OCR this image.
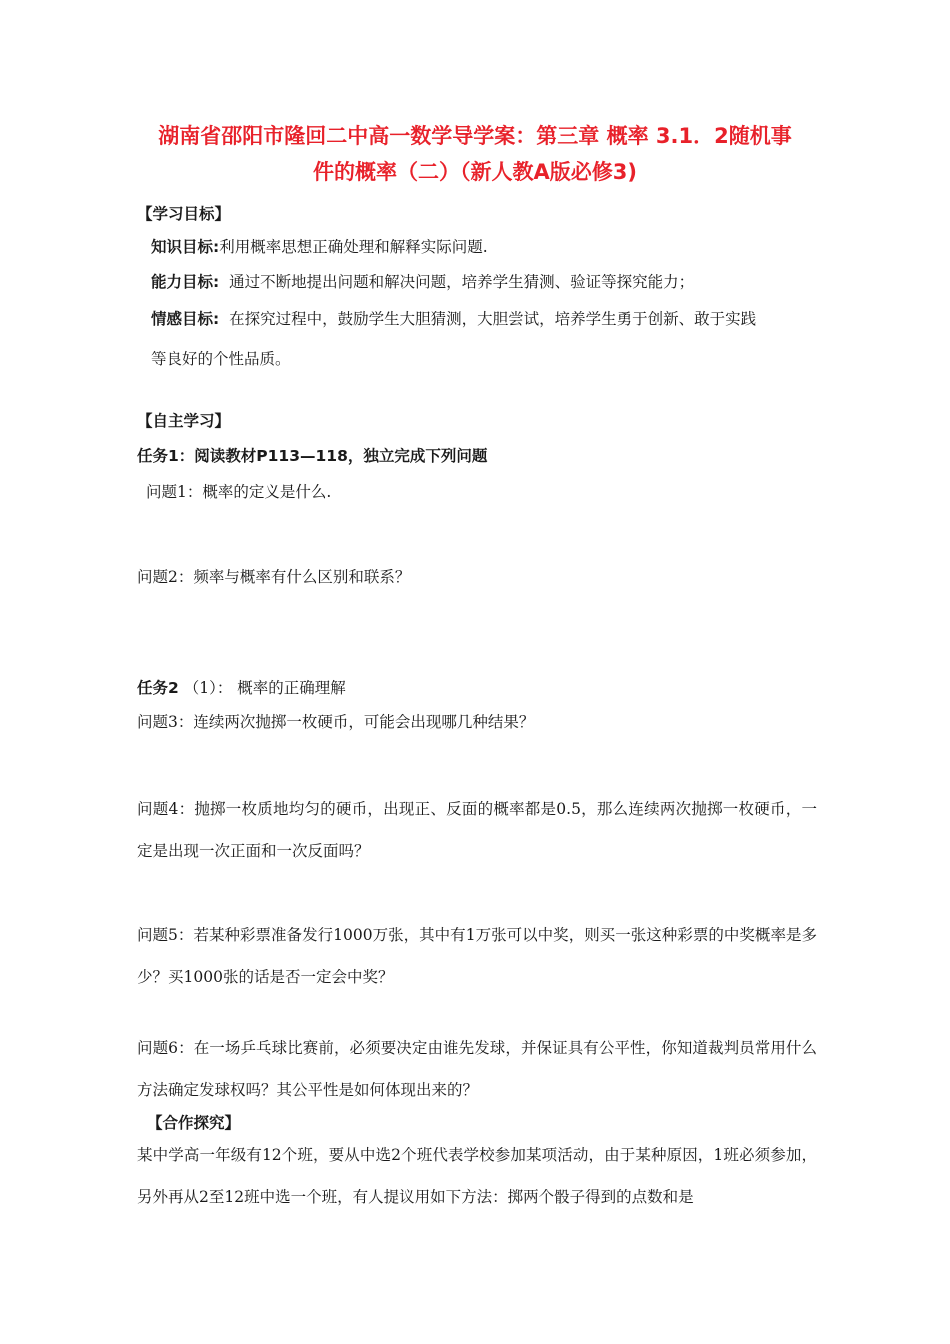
湖南省邵阳市隆回二中高一数学导学案：第三章 概率 3.1．2随机事
件的概率（二）（新人教A版必修3)
【学习目标】
知识目标:利用概率思想正确处理和解释实际问题.
能力目标: 通过不断地提出问题和解决问题，培养学生猜测、验证等探究能力；
情感目标: 在探究过程中，鼓励学生大胆猜测，大胆尝试，培养学生勇于创新、敢于实践
等良好的个性品质。
【自主学习】
任务1：阅读教材P113—118，独立完成下列问题
问题1：概率的定义是什么.
问题2：频率与概率有什么区别和联系？
任务2 （1）： 概率的正确理解
问题3：连续两次抛掷一枚硬币，可能会出现哪几种结果？
问题4：抛掷一枚质地均匀的硬币，出现正、反面的概率都是0.5，那么连续两次抛掷一枚硬币，一定是出现一次正面和一次反面吗？
问题5：若某种彩票准备发行1000万张，其中有1万张可以中奖，则买一张这种彩票的中奖概率是多少？买1000张的话是否一定会中奖？
问题6：在一场乒乓球比赛前，必须要决定由谁先发球，并保证具有公平性，你知道裁判员常用什么方法确定发球权吗？其公平性是如何体现出来的？
【合作探究】
某中学高一年级有12个班，要从中选2个班代表学校参加某项活动，由于某种原因，1班必须参加，另外再从2至12班中选一个班，有人提议用如下方法：掷两个骰子得到的点数和是
